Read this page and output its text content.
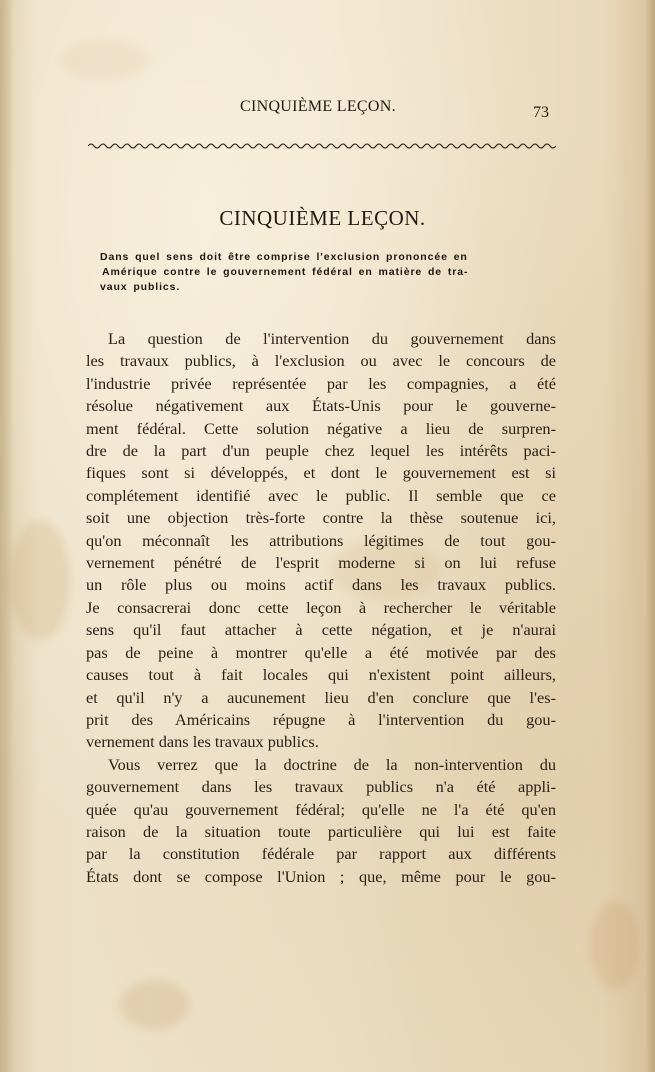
CINQUIÈME LEÇON.	73
CINQUIÈME LEÇON.
Dans quel sens doit être comprise l'exclusion prononcée en
Amérique contre le gouvernement fédéral en matière de tra-
vaux publics.
La question de l'intervention du gouvernement dans
les travaux publics, à l'exclusion ou avec le concours de
l'industrie privée représentée par les compagnies, a été
résolue négativement aux États-Unis pour le gouverne-
ment fédéral. Cette solution négative a lieu de surpren-
dre de la part d'un peuple chez lequel les intérêts paci-
fiques sont si développés, et dont le gouvernement est si
complétement identifié avec le public. Il semble que ce
soit une objection très-forte contre la thèse soutenue ici,
qu'on méconnaît les attributions légitimes de tout gou-
vernement pénétré de l'esprit moderne si on lui refuse
un rôle plus ou moins actif dans les travaux publics.
Je consacrerai donc cette leçon à rechercher le véritable
sens qu'il faut attacher à cette négation, et je n'aurai
pas de peine à montrer qu'elle a été motivée par des
causes tout à fait locales qui n'existent point ailleurs,
et qu'il n'y a aucunement lieu d'en conclure que l'es-
prit des Américains répugne à l'intervention du gou-
vernement dans les travaux publics.
Vous verrez que la doctrine de la non-intervention du
gouvernement dans les travaux publics n'a été appli-
quée qu'au gouvernement fédéral; qu'elle ne l'a été qu'en
raison de la situation toute particulière qui lui est faite
par la constitution fédérale par rapport aux différents
États dont se compose l'Union ; que, même pour le gou-
